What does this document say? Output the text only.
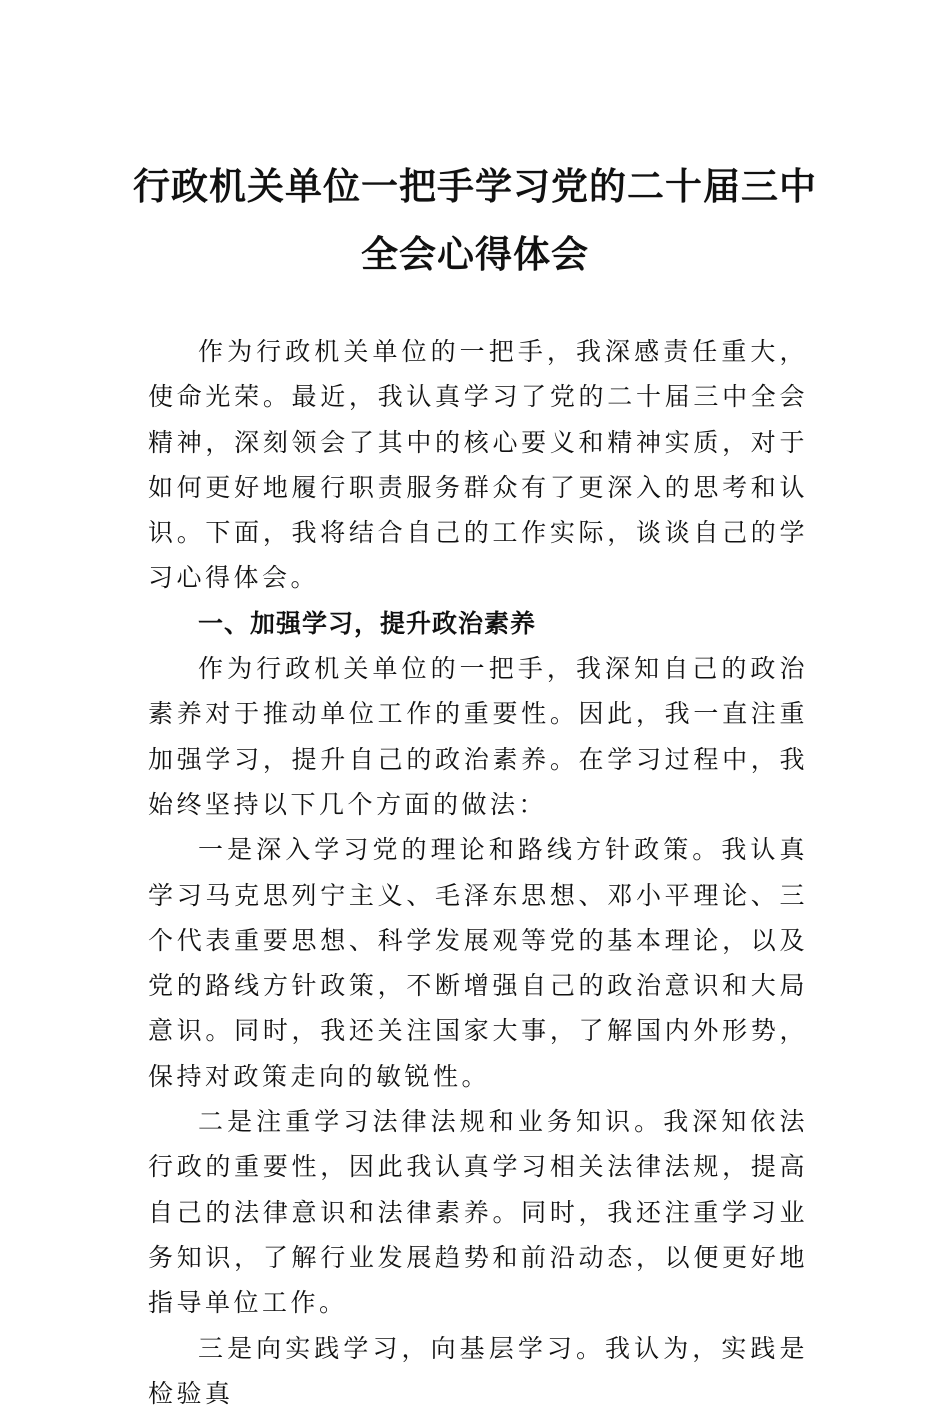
行政机关单位一把手学习党的二十届三中
全会心得体会

作为行政机关单位的一把手，我深感责任重大，使命光荣。最近，我认真学习了党的二十届三中全会精神，深刻领会了其中的核心要义和精神实质，对于如何更好地履行职责服务群众有了更深入的思考和认识。下面，我将结合自己的工作实际，谈谈自己的学习心得体会。

一、加强学习，提升政治素养

作为行政机关单位的一把手，我深知自己的政治素养对于推动单位工作的重要性。因此，我一直注重加强学习，提升自己的政治素养。在学习过程中，我始终坚持以下几个方面的做法：

一是深入学习党的理论和路线方针政策。我认真学习马克思列宁主义、毛泽东思想、邓小平理论、三个代表重要思想、科学发展观等党的基本理论，以及党的路线方针政策，不断增强自己的政治意识和大局意识。同时，我还关注国家大事，了解国内外形势，保持对政策走向的敏锐性。

二是注重学习法律法规和业务知识。我深知依法行政的重要性，因此我认真学习相关法律法规，提高自己的法律意识和法律素养。同时，我还注重学习业务知识，了解行业发展趋势和前沿动态，以便更好地指导单位工作。

三是向实践学习，向基层学习。我认为，实践是检验真
